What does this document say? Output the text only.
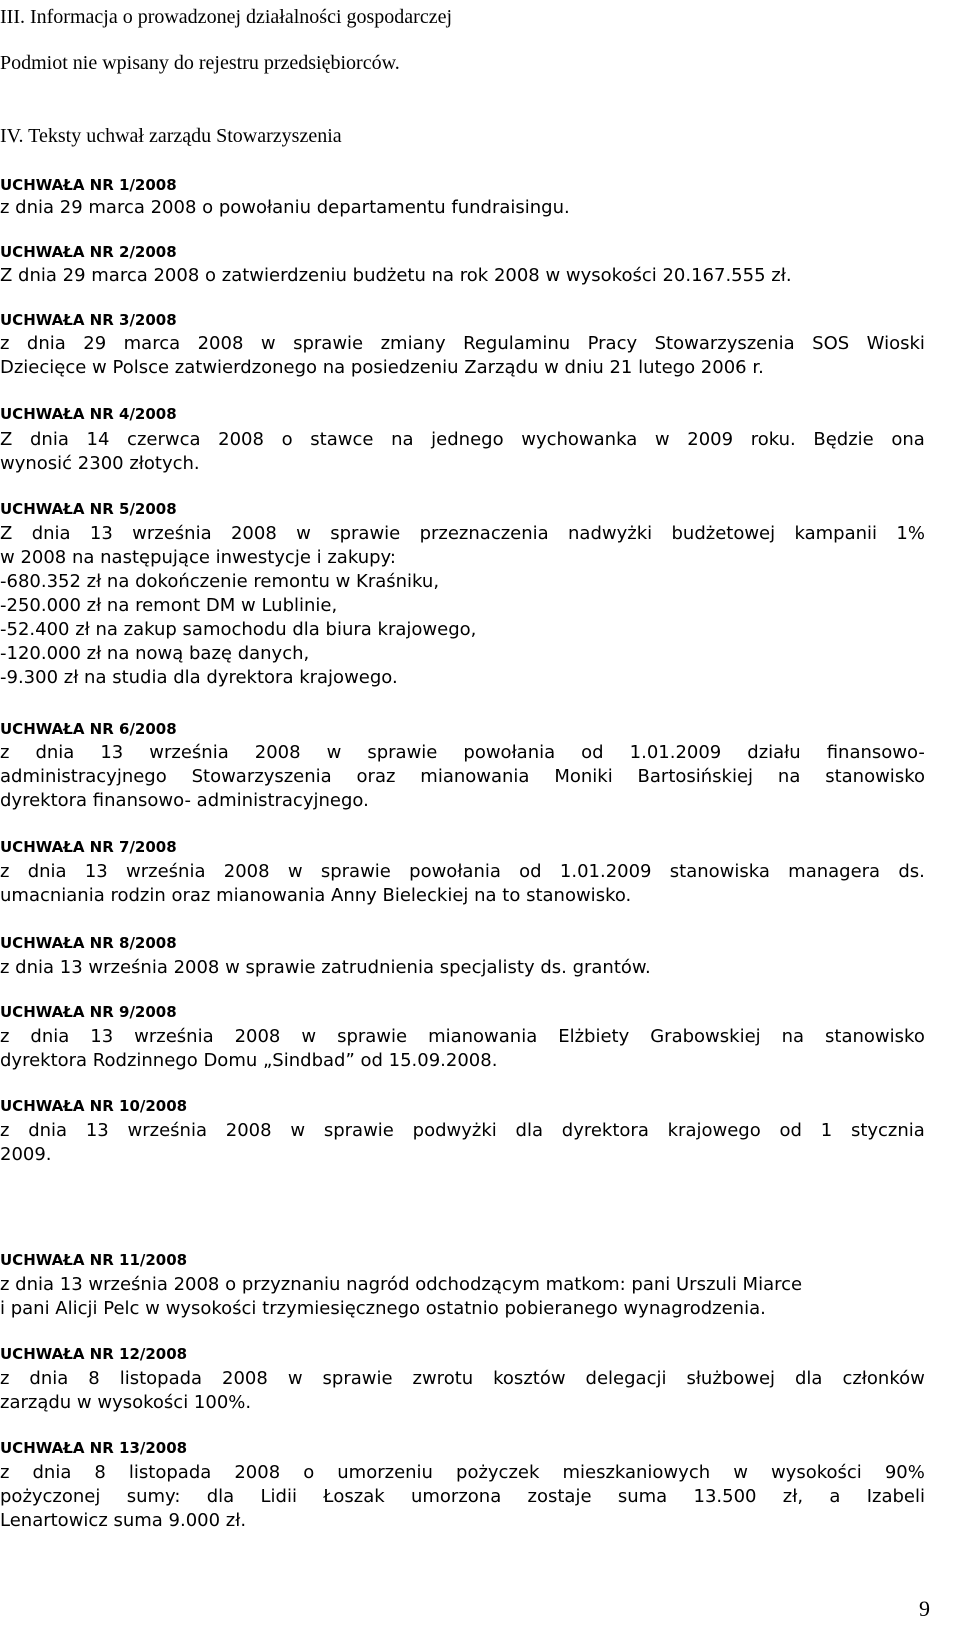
III. Informacja o prowadzonej działalności gospodarczej
Podmiot nie wpisany do rejestru przedsiębiorców.
IV. Teksty uchwał zarządu Stowarzyszenia
UCHWAŁA NR 1/2008
z dnia 29 marca 2008 o powołaniu departamentu fundraisingu.
UCHWAŁA NR 2/2008
Z dnia 29 marca 2008 o zatwierdzeniu budżetu na rok 2008 w wysokości 20.167.555 zł.
UCHWAŁA NR 3/2008
z dnia 29 marca 2008 w sprawie zmiany Regulaminu Pracy Stowarzyszenia SOS Wioski
Dziecięce w Polsce zatwierdzonego na posiedzeniu Zarządu w dniu 21 lutego 2006 r.
UCHWAŁA NR 4/2008
Z dnia 14 czerwca 2008 o stawce na jednego wychowanka w 2009 roku. Będzie ona
wynosić 2300 złotych.
UCHWAŁA NR 5/2008
Z dnia 13 września 2008 w sprawie przeznaczenia nadwyżki budżetowej kampanii 1%
w 2008 na następujące inwestycje i zakupy:
-680.352 zł na dokończenie remontu w Kraśniku,
-250.000 zł na remont DM w Lublinie,
-52.400 zł na zakup samochodu dla biura krajowego,
-120.000 zł na nową bazę danych,
-9.300 zł na studia dla dyrektora krajowego.
UCHWAŁA NR 6/2008
z dnia 13 września 2008 w sprawie powołania od 1.01.2009 działu finansowo-
administracyjnego Stowarzyszenia oraz mianowania Moniki Bartosińskiej na stanowisko
dyrektora finansowo- administracyjnego.
UCHWAŁA NR 7/2008
z dnia 13 września 2008 w sprawie powołania od 1.01.2009 stanowiska managera ds.
umacniania rodzin oraz mianowania Anny Bieleckiej na to stanowisko.
UCHWAŁA NR 8/2008
z dnia 13 września 2008 w sprawie zatrudnienia specjalisty ds. grantów.
UCHWAŁA NR 9/2008
z dnia 13 września 2008 w sprawie mianowania Elżbiety Grabowskiej na stanowisko
dyrektora Rodzinnego Domu „Sindbad” od 15.09.2008.
UCHWAŁA NR 10/2008
z dnia 13 września 2008 w sprawie podwyżki dla dyrektora krajowego od 1 stycznia
2009.
UCHWAŁA NR 11/2008
z dnia 13 września 2008 o przyznaniu nagród odchodzącym matkom: pani Urszuli Miarce
i pani Alicji Pelc w wysokości trzymiesięcznego ostatnio pobieranego wynagrodzenia.
UCHWAŁA NR 12/2008
z dnia 8 listopada 2008 w sprawie zwrotu kosztów delegacji służbowej dla członków
zarządu w wysokości 100%.
UCHWAŁA NR 13/2008
z dnia 8 listopada 2008 o umorzeniu pożyczek mieszkaniowych w wysokości 90%
pożyczonej sumy: dla Lidii Łoszak umorzona zostaje suma 13.500 zł, a Izabeli
Lenartowicz suma 9.000 zł.
9
